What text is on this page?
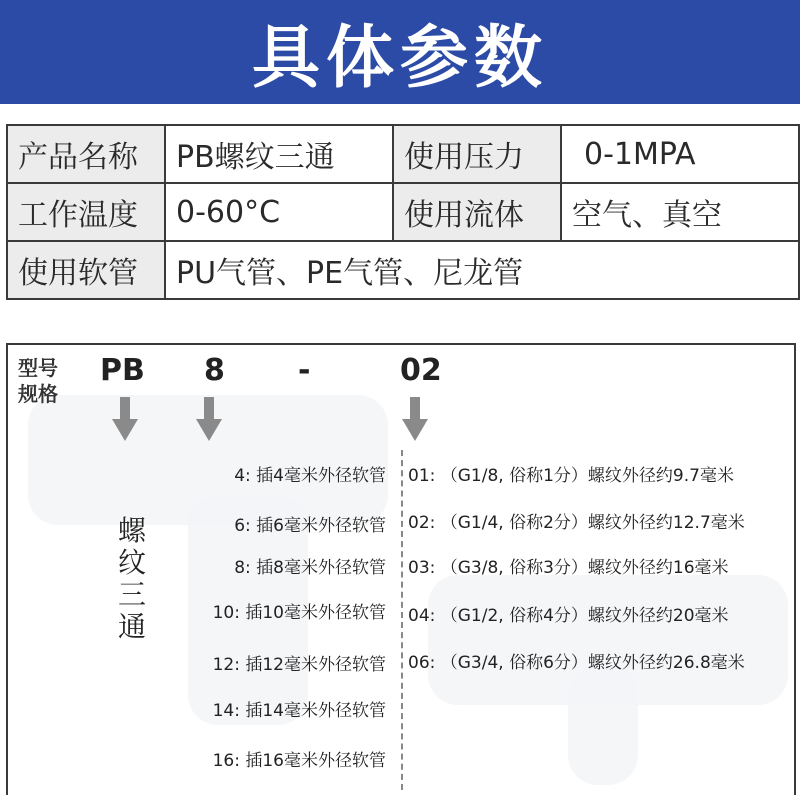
具体参数
产品名称	PB螺纹三通	使用压力	0-1MPA
工作温度	0-60°C	使用流体	空气、真空
使用软管	PU气管、PE气管、尼龙管		
型号
规格
PB 8 -	02
螺
纹
三
通
4: 插4毫米外径软管
6: 插6毫米外径软管
8: 插8毫米外径软管
10: 插10毫米外径软管
12: 插12毫米外径软管
14: 插14毫米外径软管
16: 插16毫米外径软管
01: （G1/8, 俗称1分）螺纹外径约9.7毫米
02: （G1/4, 俗称2分）螺纹外径约12.7毫米
03: （G3/8, 俗称3分）螺纹外径约16毫米
04: （G1/2, 俗称4分）螺纹外径约20毫米
06: （G3/4, 俗称6分）螺纹外径约26.8毫米
